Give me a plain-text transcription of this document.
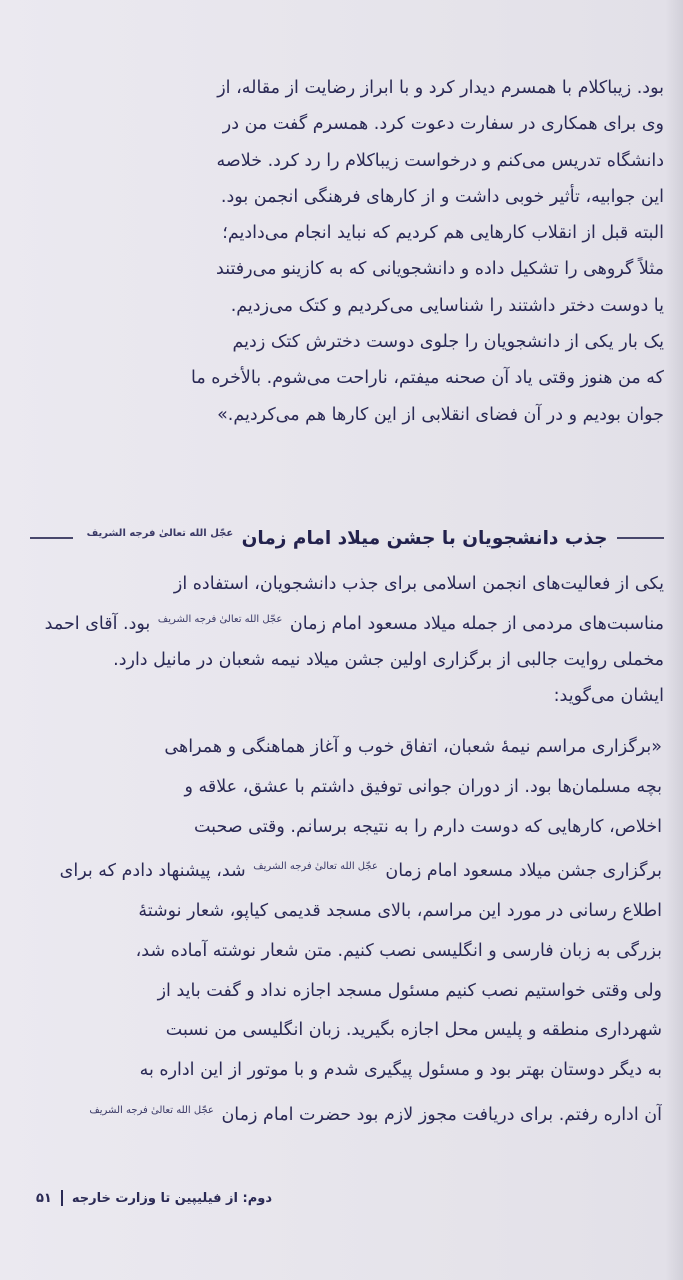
بود. زیباکلام با همسرم دیدار کرد و با ابراز رضایت از مقاله، از
وی برای همکاری در سفارت دعوت کرد. همسرم گفت من در
دانشگاه تدریس می‌کنم و درخواست زیباکلام را رد کرد. خلاصه
این جوابیه، تأثیر خوبی داشت و از کارهای فرهنگی انجمن بود.
البته قبل از انقلاب کارهایی هم کردیم که نباید انجام می‌دادیم؛
مثلاً گروهی را تشکیل داده و دانشجویانی که به کازینو می‌رفتند
یا دوست دختر داشتند را شناسایی می‌کردیم و کتک می‌زدیم.
یک بار یکی از دانشجویان را جلوی دوست دخترش کتک زدیم
که من هنوز وقتی یاد آن صحنه میفتم، ناراحت می‌شوم. بالأخره ما
جوان بودیم و در آن فضای انقلابی از این کارها هم می‌کردیم.»
جذب دانشجویان با جشن میلاد امام زمان $^{عجّل الله تعالیٰ فرجه الشریف}$
یکی از فعالیت‌های انجمن اسلامی برای جذب دانشجویان، استفاده از
مناسبت‌های مردمی از جمله میلاد مسعود امام زمان $^{عجّل الله تعالیٰ فرجه الشریف}$ بود. آقای احمد
مخملی روایت جالبی از برگزاری اولین جشن میلاد نیمه شعبان در مانیل دارد.
ایشان می‌گوید:
«برگزاری مراسم نیمهٔ شعبان، اتفاق خوب و آغاز هماهنگی و همراهی
بچه مسلمان‌ها بود. از دوران جوانی توفیق داشتم با عشق، علاقه و
اخلاص، کارهایی که دوست دارم را به نتیجه برسانم. وقتی صحبت
برگزاری جشن میلاد مسعود امام زمان $^{عجّل الله تعالیٰ فرجه الشریف}$ شد، پیشنهاد دادم که برای
اطلاع رسانی در مورد این مراسم، بالای مسجد قدیمی کیاپو، شعار نوشتهٔ
بزرگی به زبان فارسی و انگلیسی نصب کنیم. متن شعار نوشته آماده شد،
ولی وقتی خواستیم نصب کنیم مسئول مسجد اجازه نداد و گفت باید از
شهرداری منطقه و پلیس محل اجازه بگیرید. زبان انگلیسی من نسبت
به دیگر دوستان بهتر بود و مسئول پیگیری شدم و با موتور از این اداره به
آن اداره رفتم. برای دریافت مجوز لازم بود حضرت امام زمان $^{عجّل الله تعالیٰ فرجه الشریف}$
دوم: از فیلیپین تا وزارت خارجه
۵۱
